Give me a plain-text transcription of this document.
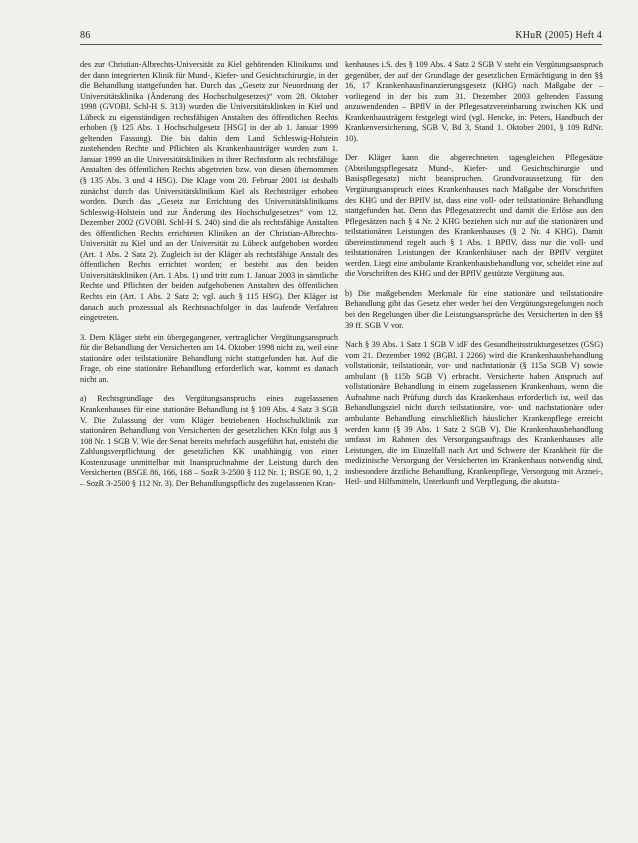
86	KHuR (2005) Heft 4

des zur Christian-Albrechts-Universität zu Kiel gehörenden Klinikums und der dann integrierten Klinik für Mund-, Kiefer- und Gesichtschirurgie, in der die Behandlung stattgefunden hat. Durch das „Gesetz zur Neuordnung der Universitätsklinika (Änderung des Hochschulgesetzes)“ vom 28. Oktober 1998 (GVOBl. Schl-H S. 313) wurden die Universitätsklinken in Kiel und Lübeck zu eigenständigen rechtsfähigen Anstalten des öffentlichen Rechts erhoben (§ 125 Abs. 1 Hochschulgesetz [HSG] in der ab 1. Januar 1999 geltenden Fassung). Die bis dahin dem Land Schleswig-Holstein zustehenden Rechte und Pflichten als Krankenhausträger wurden zum 1. Januar 1999 an die Universitätskliniken in ihrer Rechtsform als rechtsfähige Anstalten des öffentlichen Rechts abgetreten bzw. von diesen übernommen (§ 135 Abs. 3 und 4 HSG). Die Klage vom 20. Februar 2001 ist deshalb zunächst durch das Universitätsklinikum Kiel als Rechtsträger erhoben worden. Durch das „Gesetz zur Errichtung des Universitätsklinikums Schleswig-Holstein und zur Änderung des Hochschulgesetzes“ vom 12. Dezember 2002 (GVOBl. Schl-H S. 240) sind die als rechtsfähige Anstalten des öffentlichen Rechts errichteten Kliniken an der Christian-Albrechts-Universität zu Kiel und an der Universität zu Lübeck aufgehoben worden (Art. 1 Abs. 2 Satz 2). Zugleich ist der Kläger als rechtsfähige Anstalt des öffentlichen Rechts errichtet worden; er besteht aus den beiden Universitätskliniken (Art. 1 Abs. 1) und tritt zum 1. Januar 2003 in sämtliche Rechte und Pflichten der beiden aufgehobenen Anstalten des öffentlichen Rechts ein (Art. 1 Abs. 2 Satz 2; vgl. auch § 115 HSG). Der Kläger ist danach auch prozessual als Rechtsnachfolger in das laufende Verfahren eingetreten.

3. Dem Kläger steht ein übergegangener, vertraglicher Vergütungsanspruch für die Behandlung der Versicherten am 14. Oktober 1998 nicht zu, weil eine stationäre oder teilstationäre Behandlung nicht stattgefunden hat. Auf die Frage, ob eine stationäre Behandlung erforderlich war, kommt es danach nicht an.

a) Rechtsgrundlage des Vergütungsanspruchs eines zugelassenen Krankenhauses für eine stationäre Behandlung ist § 109 Abs. 4 Satz 3 SGB V. Die Zulassung der vom Kläger betriebenen Hochschulklinik zur stationären Behandlung von Versicherten der gesetzlichen KKn folgt aus § 108 Nr. 1 SGB V. Wie der Senat bereits mehrfach ausgeführt hat, entsteht die Zahlungsverpflichtung der gesetzlichen KK unabhängig von einer Kostenzusage unmittelbar mit Inanspruchnahme der Leistung durch den Versicherten (BSGE 86, 166, 168 – SozR 3-2500 § 112 Nr. 1; BSGE 90, 1, 2 – SozR 3-2500 § 112 Nr. 3). Der Behandlungspflicht des zugelassenen Kran-

kenhauses i.S. des § 109 Abs. 4 Satz 2 SGB V steht ein Vergütungsanspruch gegenüber, der auf der Grundlage der gesetzlichen Ermächtigung in den §§ 16, 17 Krankenhausfinanzierungsgesetz (KHG) nach Maßgabe der – vorliegend in der bis zum 31. Dezember 2003 geltenden Fassung anzuwendenden – BPflV in der Pflegesatzvereinbarung zwischen KK und Krankenhausträgern festgelegt wird (vgl. Hencke, in: Peters, Handbuch der Krankenversicherung, SGB V, Bd 3, Stand 1. Oktober 2001, § 109 RdNr. 10).

Der Kläger kann die abgerechneten tagesgleichen Pflegesätze (Abteilungspflegesatz Mund-, Kiefer- und Gesichtschirurgie und Basispflegesatz) nicht beanspruchen. Grundvoraussetzung für den Vergütungsanspruch eines Krankenhauses nach Maßgabe der Vorschriften des KHG und der BPflV ist, dass eine voll- oder teilstationäre Behandlung stattgefunden hat. Denn das Pflegesatzrecht und damit die Erlöse aus den Pflegesätzen nach § 4 Nr. 2 KHG beziehen sich nur auf die stationären und teilstationären Leistungen des Krankenhauses (§ 2 Nr. 4 KHG). Damit übereinstimmend regelt auch § 1 Abs. 1 BPflV, dass nur die voll- und teilstationären Leistungen der Krankenhäuser nach der BPflV vergütet werden. Liegt eine ambulante Krankenhausbehandlung vor, scheidet eine auf die Vorschriften des KHG und der BPflV gestützte Vergütung aus.

b) Die maßgebenden Merkmale für eine stationäre und teilstationäre Behandlung gibt das Gesetz eher weder bei den Vergütungsregelungen noch bei den Regelungen über die Leistungsansprüche des Versicherten in den §§ 39 ff. SGB V vor.

Nach § 39 Abs. 1 Satz 1 SGB V idF des Gesundheitsstrukturgesetzes (GSG) vom 21. Dezember 1992 (BGBl. I 2266) wird die Krankenhausbehandlung vollstationär, teilstationär, vor- und nachstationär (§ 115a SGB V) sowie ambulant (§ 115b SGB V) erbracht. Versicherte haben Anspruch auf vollstationäre Behandlung in einem zugelassenen Krankenhaus, wenn die Aufnahme nach Prüfung durch das Krankenhaus erforderlich ist, weil das Behandlungsziel nicht durch teilstationäre, vor- und nachstationäre oder ambulante Behandlung einschließlich häuslicher Krankenpflege erreicht werden kann (§ 39 Abs. 1 Satz 2 SGB V). Die Krankenhausbehandlung umfasst im Rahmen des Versorgungsauftrags des Krankenhauses alle Leistungen, die im Einzelfall nach Art und Schwere der Krankheit für die medizinische Versorgung der Versicherten im Krankenhaus notwendig sind, insbesondere ärztliche Behandlung, Krankenpflege, Versorgung mit Arznei-, Heil- und Hilfsmitteln, Unterkunft und Verpflegung, die akutsta-
